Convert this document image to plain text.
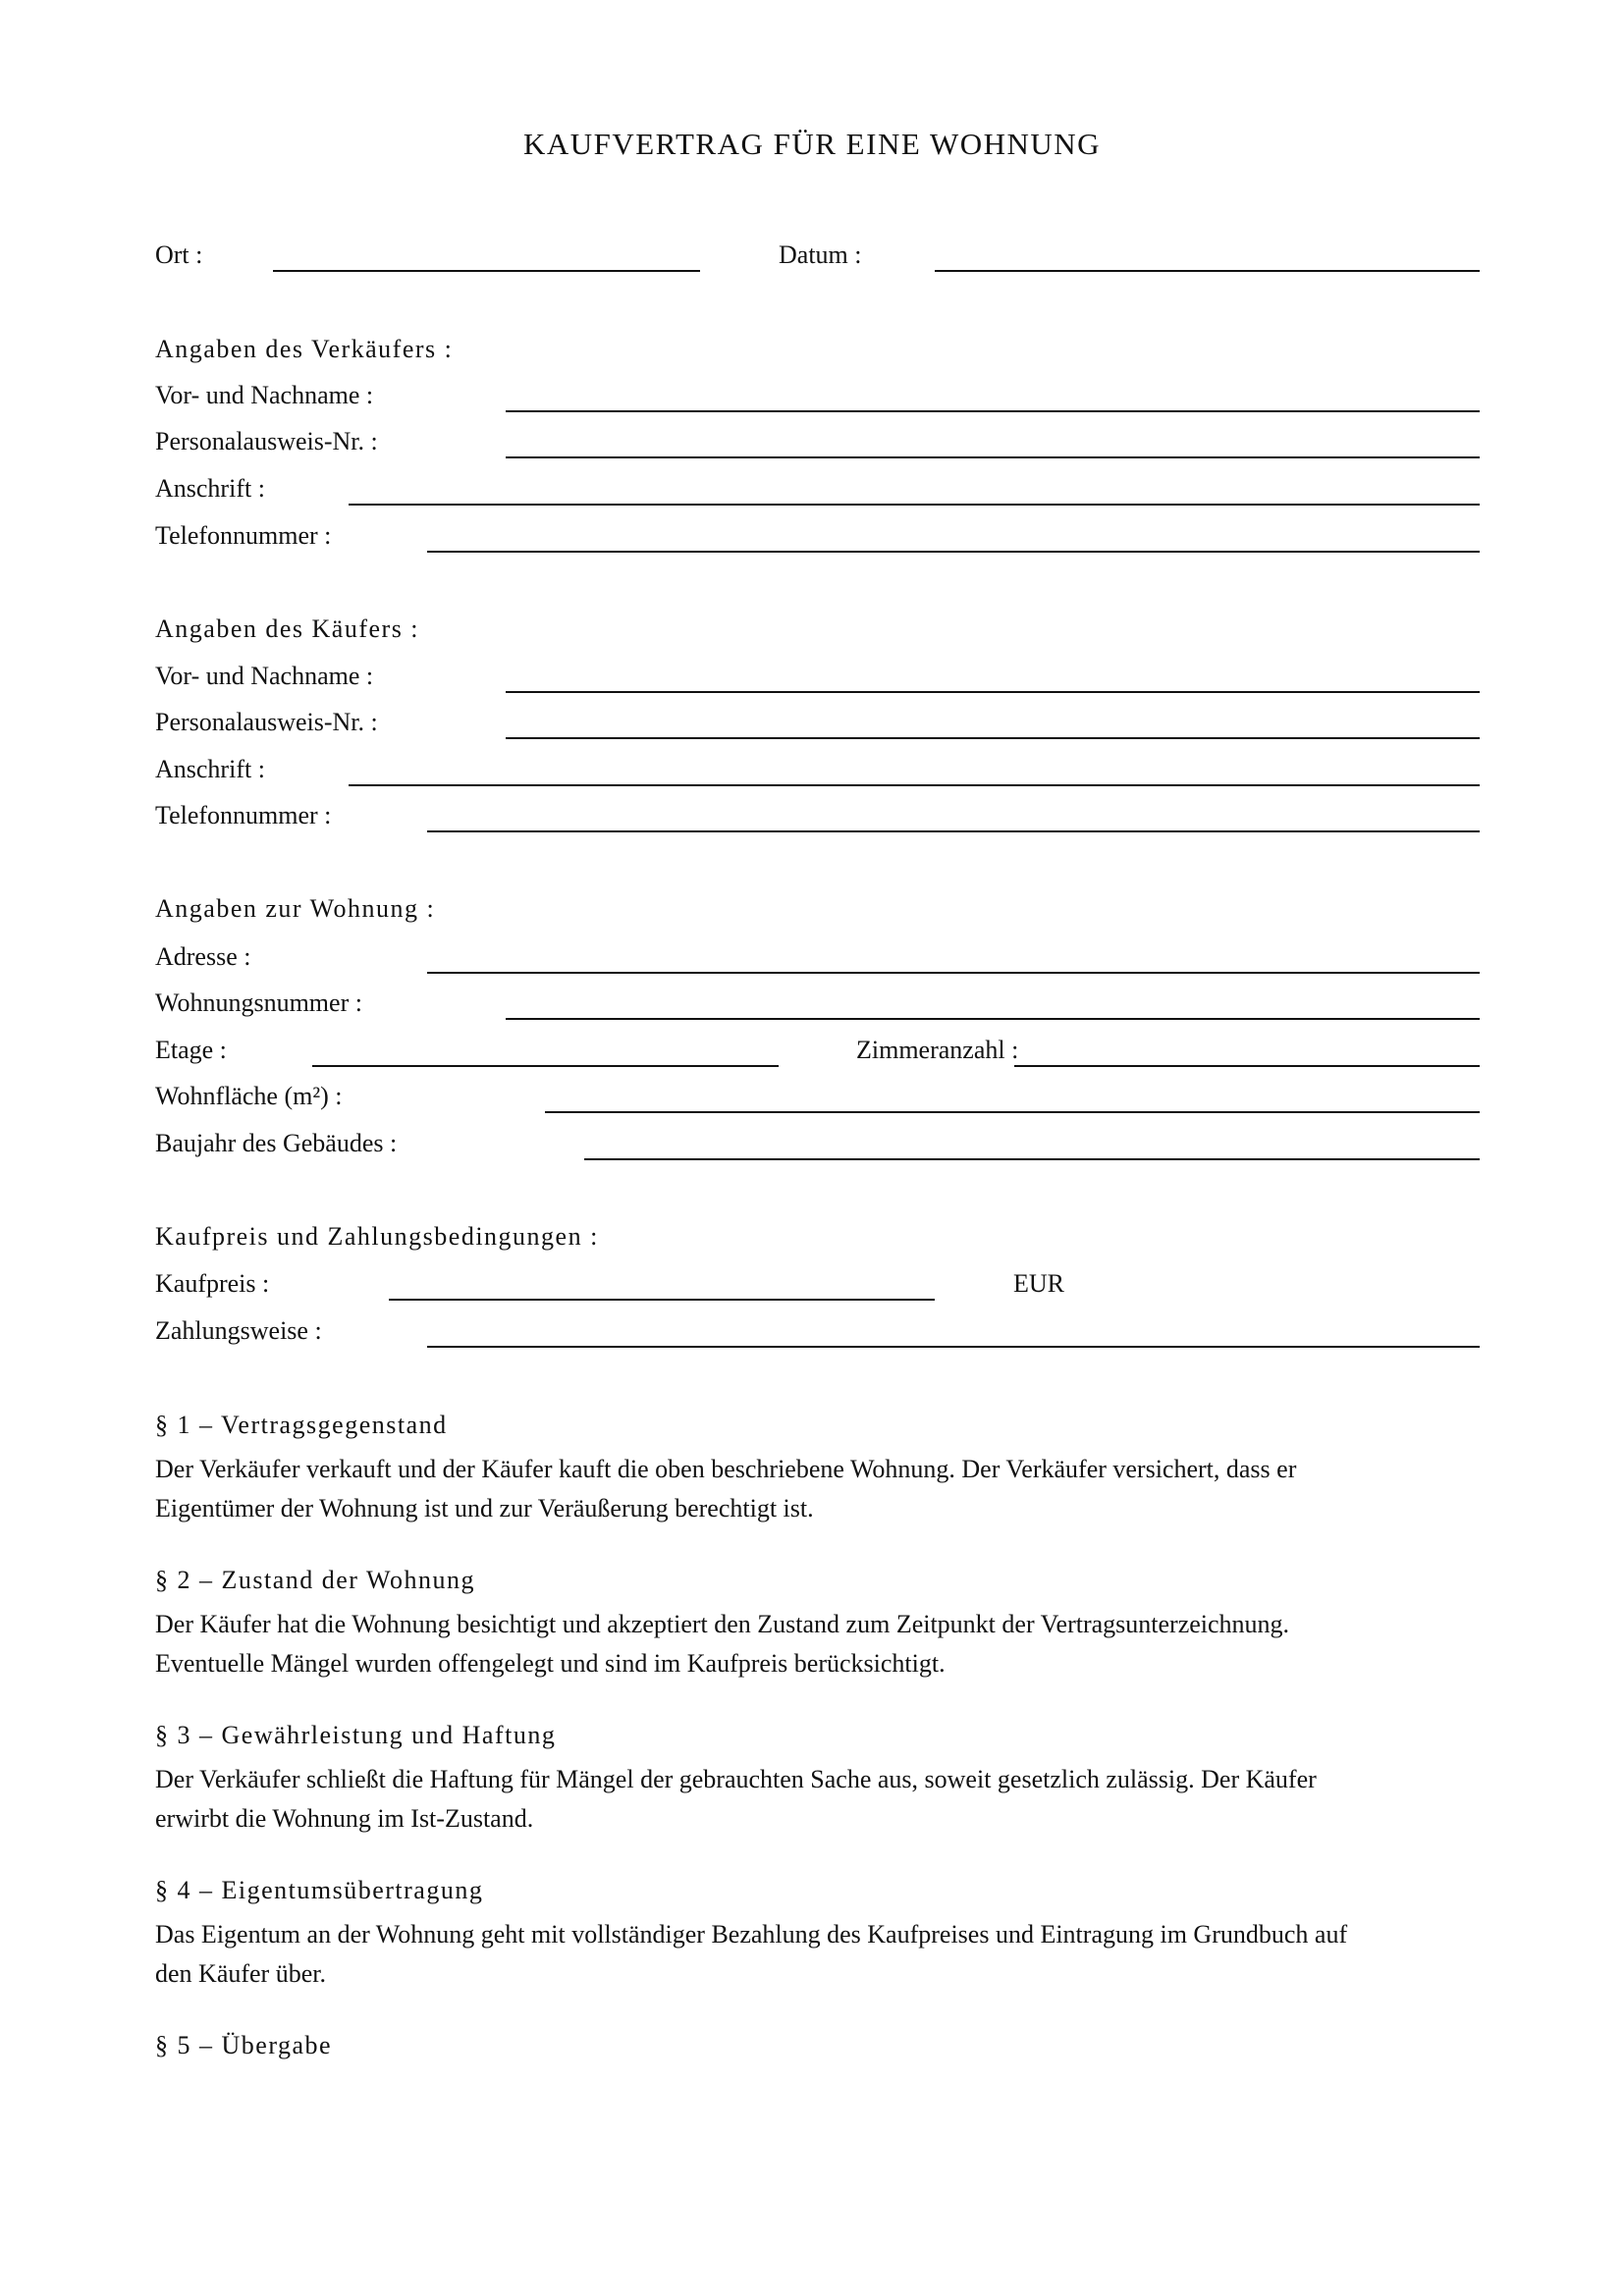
KAUFVERTRAG FÜR EINE WOHNUNG
Ort :	Datum :
Angaben des Verkäufers :
Vor- und Nachname :
Personalausweis-Nr. :
Anschrift :
Telefonnummer :
Angaben des Käufers :
Vor- und Nachname :
Personalausweis-Nr. :
Anschrift :
Telefonnummer :
Angaben zur Wohnung :
Adresse :
Wohnungsnummer :
Etage :	Zimmeranzahl :
Wohnfläche (m²) :
Baujahr des Gebäudes :
Kaufpreis und Zahlungsbedingungen :
Kaufpreis :	EUR
Zahlungsweise :
§ 1 – Vertragsgegenstand
Der Verkäufer verkauft und der Käufer kauft die oben beschriebene Wohnung. Der Verkäufer versichert, dass er
Eigentümer der Wohnung ist und zur Veräußerung berechtigt ist.
§ 2 – Zustand der Wohnung
Der Käufer hat die Wohnung besichtigt und akzeptiert den Zustand zum Zeitpunkt der Vertragsunterzeichnung.
Eventuelle Mängel wurden offengelegt und sind im Kaufpreis berücksichtigt.
§ 3 – Gewährleistung und Haftung
Der Verkäufer schließt die Haftung für Mängel der gebrauchten Sache aus, soweit gesetzlich zulässig. Der Käufer
erwirbt die Wohnung im Ist-Zustand.
§ 4 – Eigentumsübertragung
Das Eigentum an der Wohnung geht mit vollständiger Bezahlung des Kaufpreises und Eintragung im Grundbuch auf
den Käufer über.
§ 5 – Übergabe
